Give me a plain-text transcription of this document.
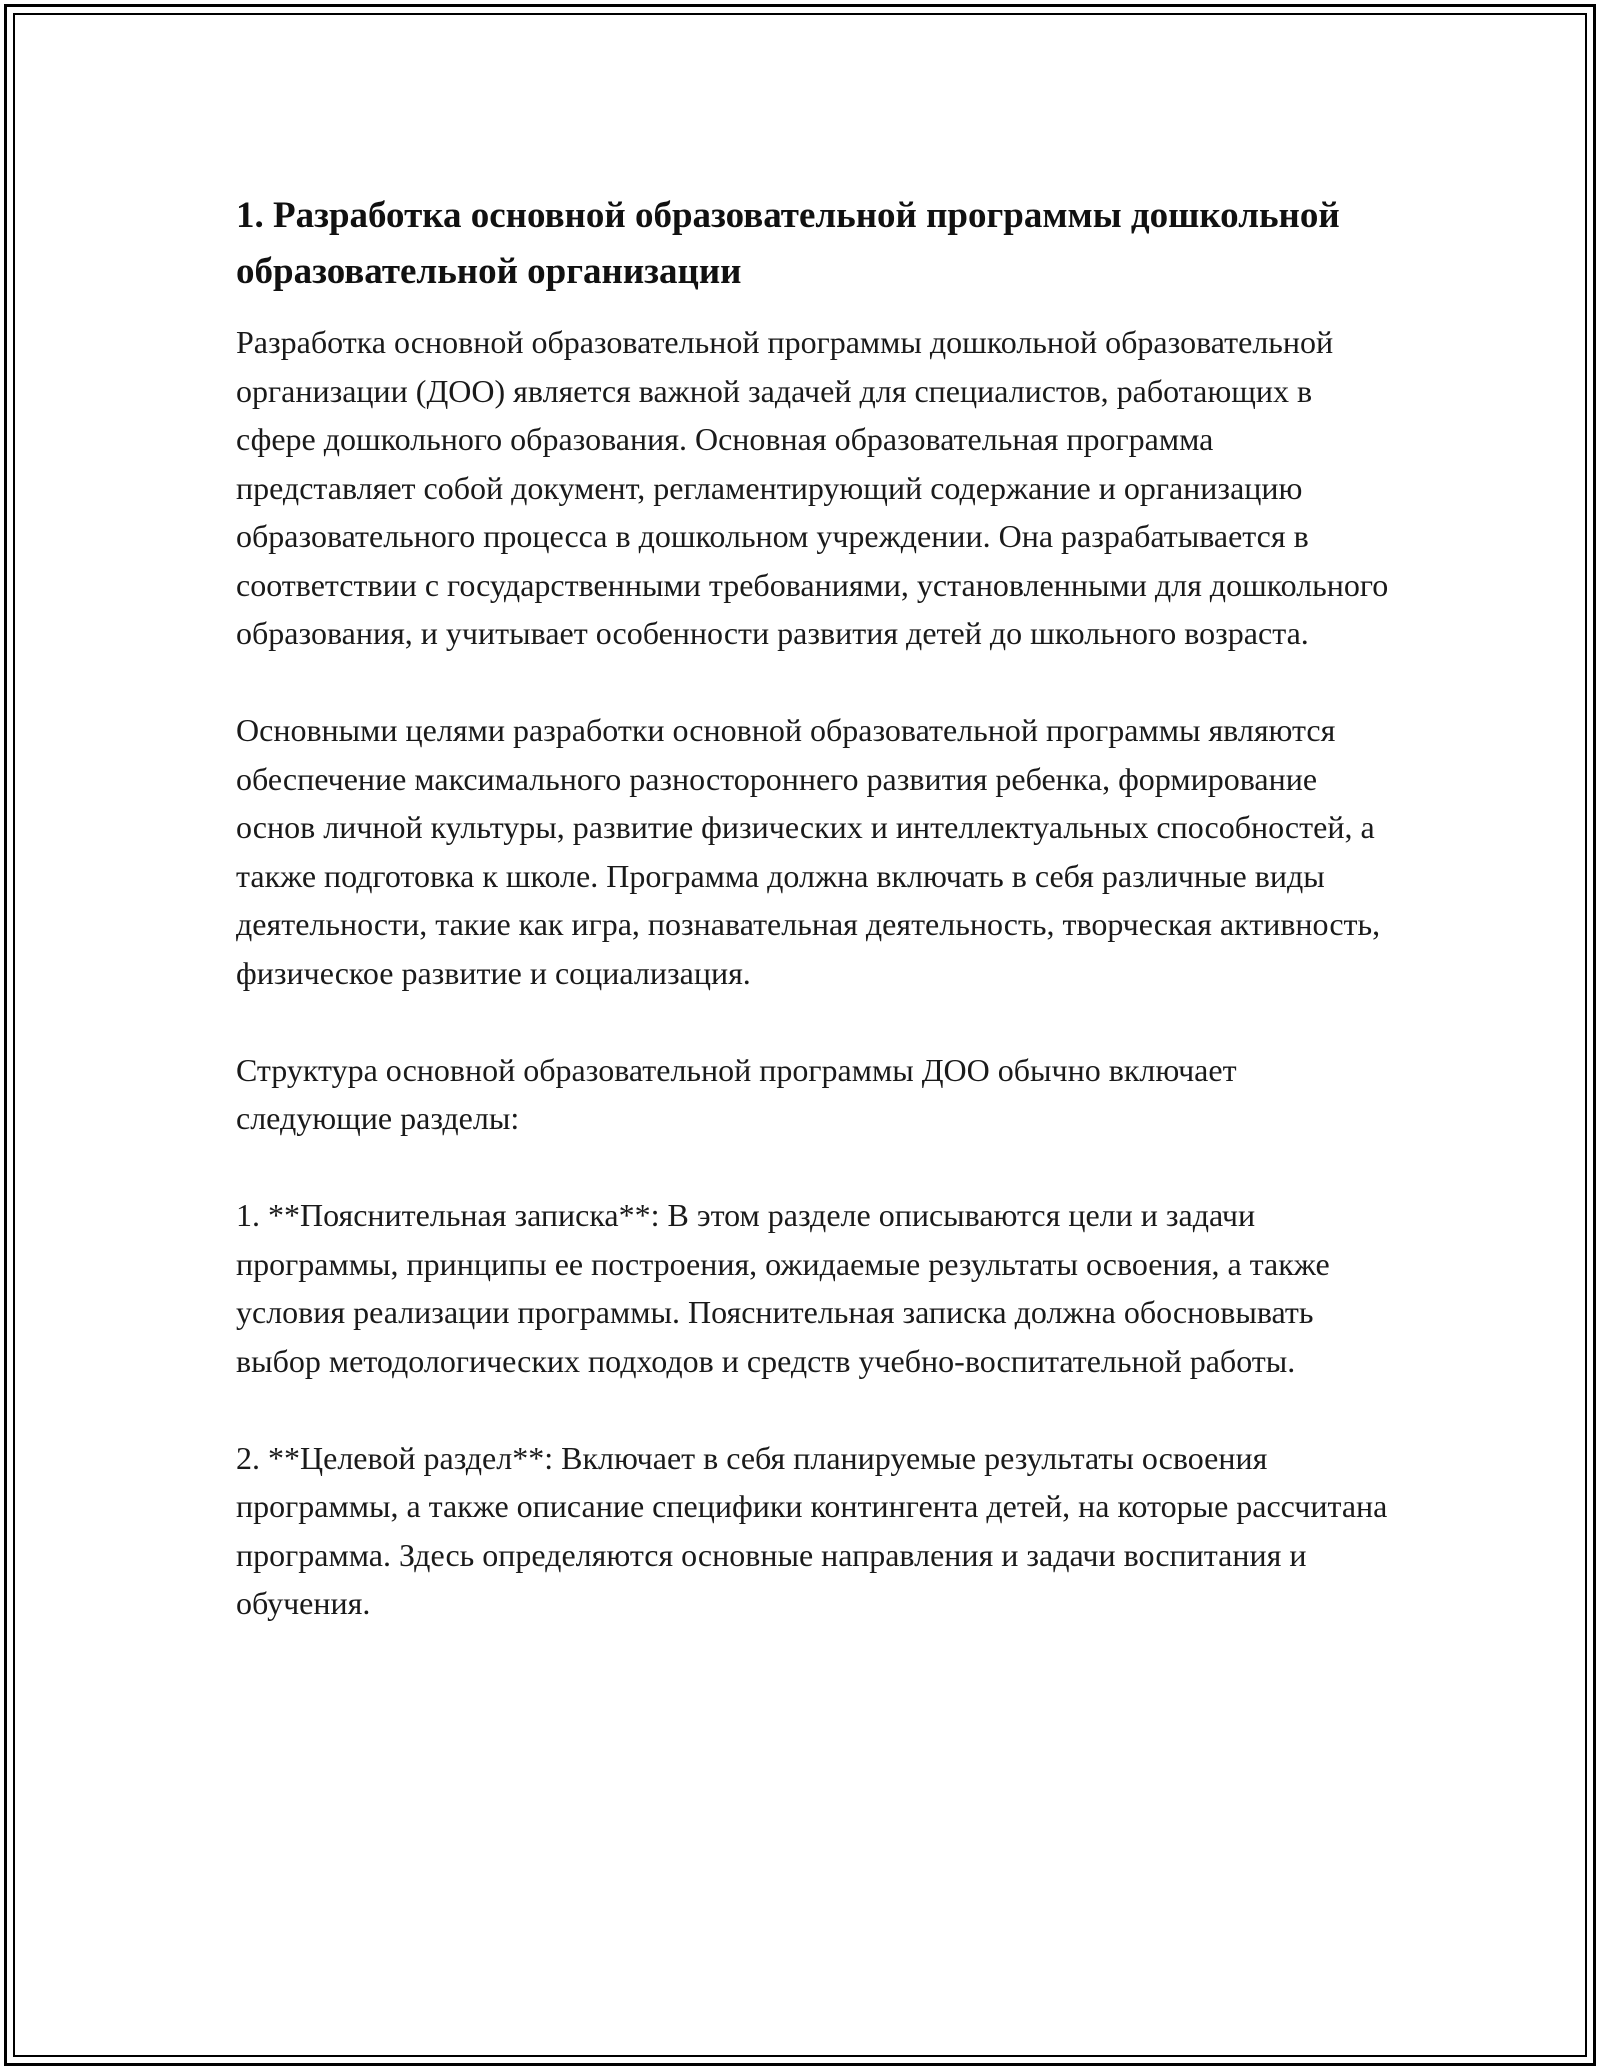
1. Разработка основной образовательной программы дошкольной образовательной организации

Разработка основной образовательной программы дошкольной образовательной организации (ДОО) является важной задачей для специалистов, работающих в сфере дошкольного образования. Основная образовательная программа представляет собой документ, регламентирующий содержание и организацию образовательного процесса в дошкольном учреждении. Она разрабатывается в соответствии с государственными требованиями, установленными для дошкольного образования, и учитывает особенности развития детей до школьного возраста.

Основными целями разработки основной образовательной программы являются обеспечение максимального разностороннего развития ребенка, формирование основ личной культуры, развитие физических и интеллектуальных способностей, а также подготовка к школе. Программа должна включать в себя различные виды деятельности, такие как игра, познавательная деятельность, творческая активность, физическое развитие и социализация.

Структура основной образовательной программы ДОО обычно включает следующие разделы:

1. **Пояснительная записка**: В этом разделе описываются цели и задачи программы, принципы ее построения, ожидаемые результаты освоения, а также условия реализации программы. Пояснительная записка должна обосновывать выбор методологических подходов и средств учебно-воспитательной работы.

2. **Целевой раздел**: Включает в себя планируемые результаты освоения программы, а также описание специфики контингента детей, на которые рассчитана программа. Здесь определяются основные направления и задачи воспитания и обучения.
